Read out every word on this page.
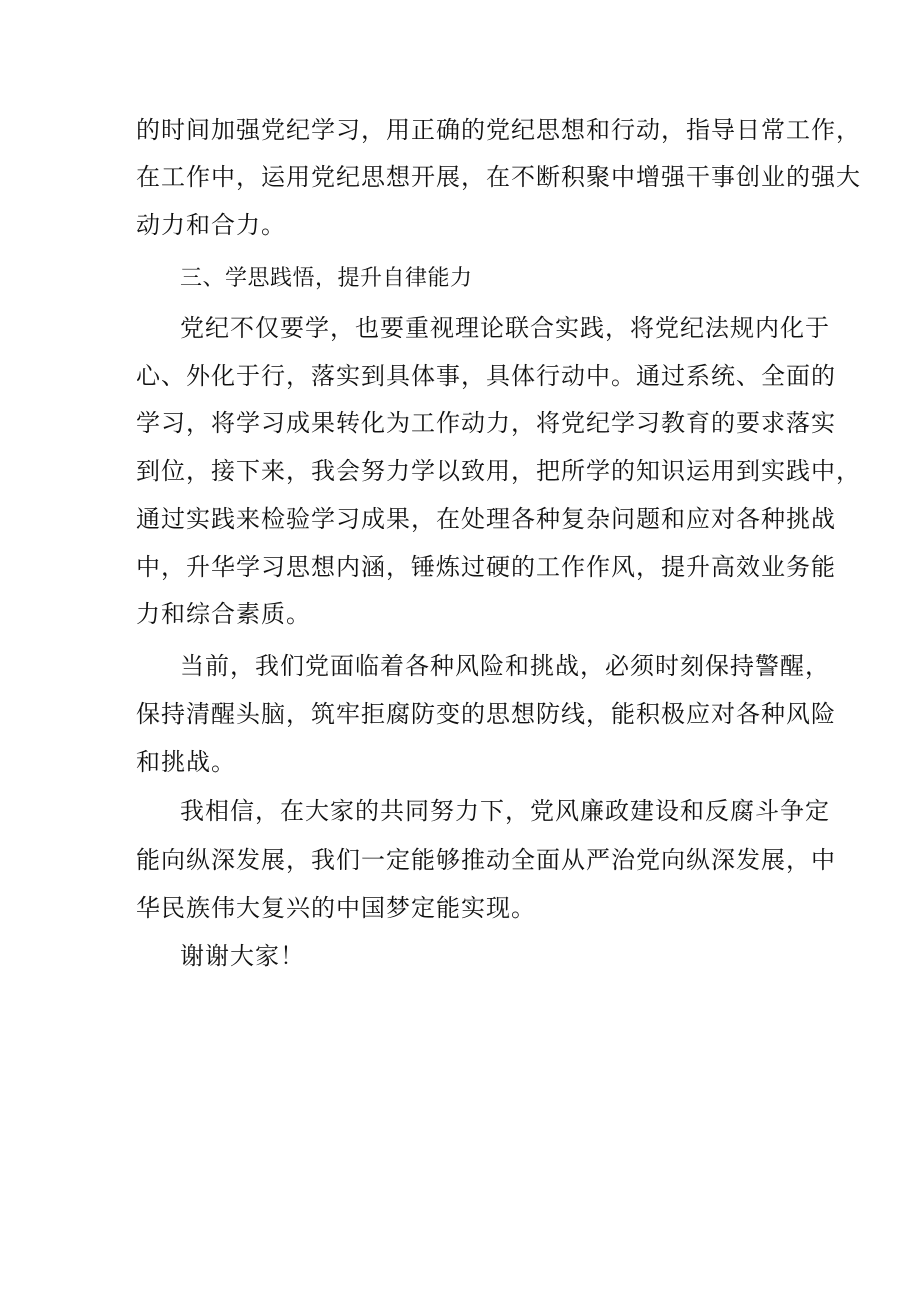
的时间加强党纪学习，用正确的党纪思想和行动，指导日常工作，
在工作中，运用党纪思想开展，在不断积聚中增强干事创业的强大
动力和合力。
三、学思践悟，提升自律能力
党纪不仅要学，也要重视理论联合实践，将党纪法规内化于
心、外化于行，落实到具体事，具体行动中。通过系统、全面的
学习，将学习成果转化为工作动力，将党纪学习教育的要求落实
到位，接下来，我会努力学以致用，把所学的知识运用到实践中，
通过实践来检验学习成果，在处理各种复杂问题和应对各种挑战
中，升华学习思想内涵，锤炼过硬的工作作风，提升高效业务能
力和综合素质。
当前，我们党面临着各种风险和挑战，必须时刻保持警醒，
保持清醒头脑，筑牢拒腐防变的思想防线，能积极应对各种风险
和挑战。
我相信，在大家的共同努力下，党风廉政建设和反腐斗争定
能向纵深发展，我们一定能够推动全面从严治党向纵深发展，中
华民族伟大复兴的中国梦定能实现。
谢谢大家！
